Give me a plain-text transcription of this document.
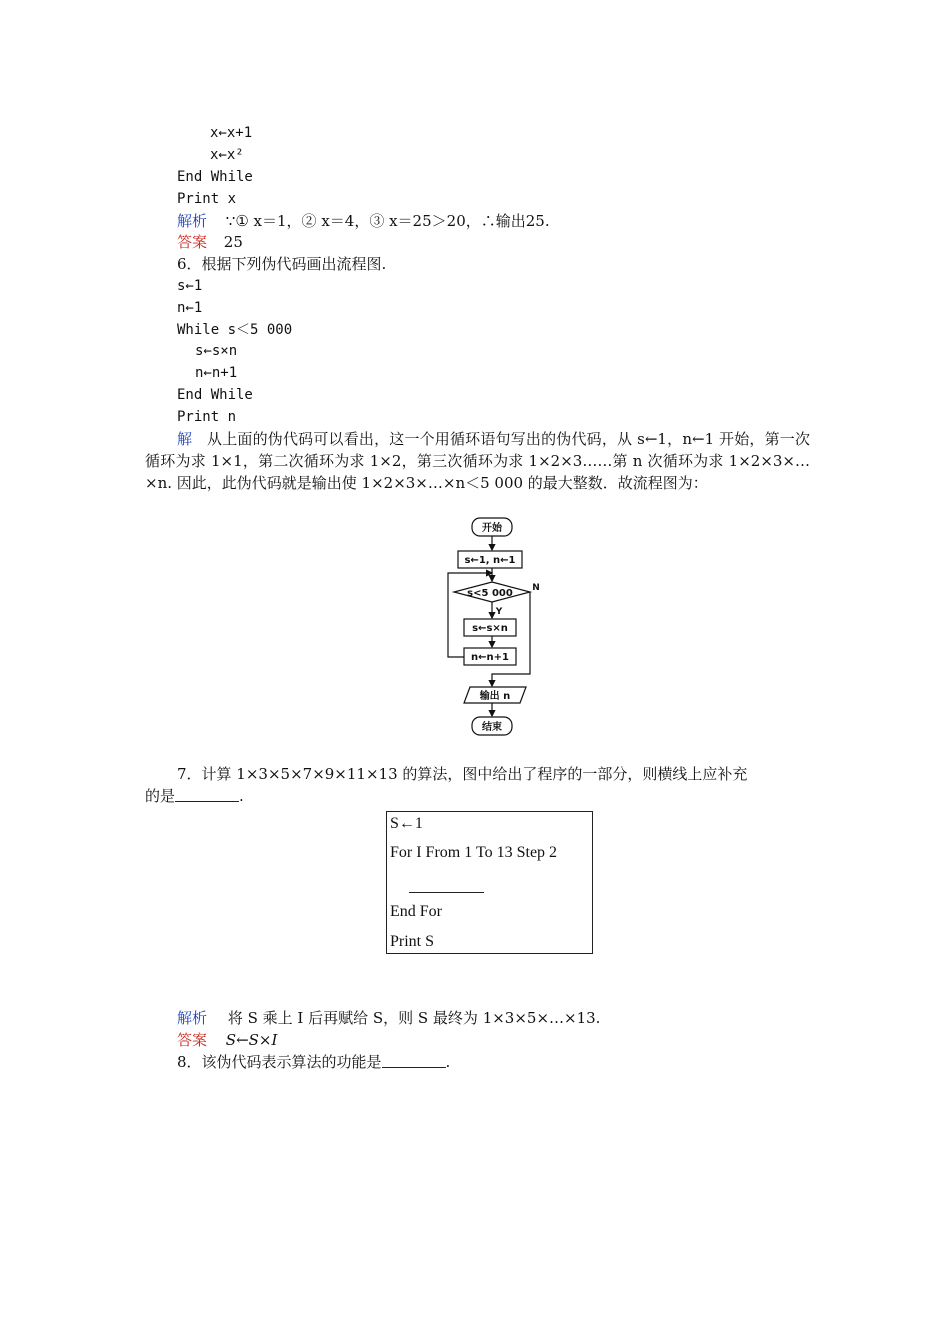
x←x+1
x←x²
End While
Print x
解析 ∵① x＝1，② x＝4，③ x＝25＞20，∴输出25.
答案 25
6．根据下列伪代码画出流程图.
s←1
n←1
While s＜5 000
s←s×n
n←n+1
End While
Print n
解 从上面的伪代码可以看出，这一个用循环语句写出的伪代码，从 s←1，n←1 开始，第一次循环为求 1×1，第二次循环为求 1×2，第三次循环为求 1×2×3……第 n 次循环为求 1×2×3×…×n. 因此，此伪代码就是输出使 1×2×3×…×n＜5 000 的最大整数．故流程图为：
开始
s←1, n←1
s<5 000
Y
N
s←s×n
n←n+1
输出 n
结束
7．计算 1×3×5×7×9×11×13 的算法，图中给出了程序的一部分，则横线上应补充
的是	.
S←1
For I From 1 To 13 Step 2
End For
Print S
解析 将 S 乘上 I 后再赋给 S，则 S 最终为 1×3×5×…×13.
答案 S←S×I
8．该伪代码表示算法的功能是	.
